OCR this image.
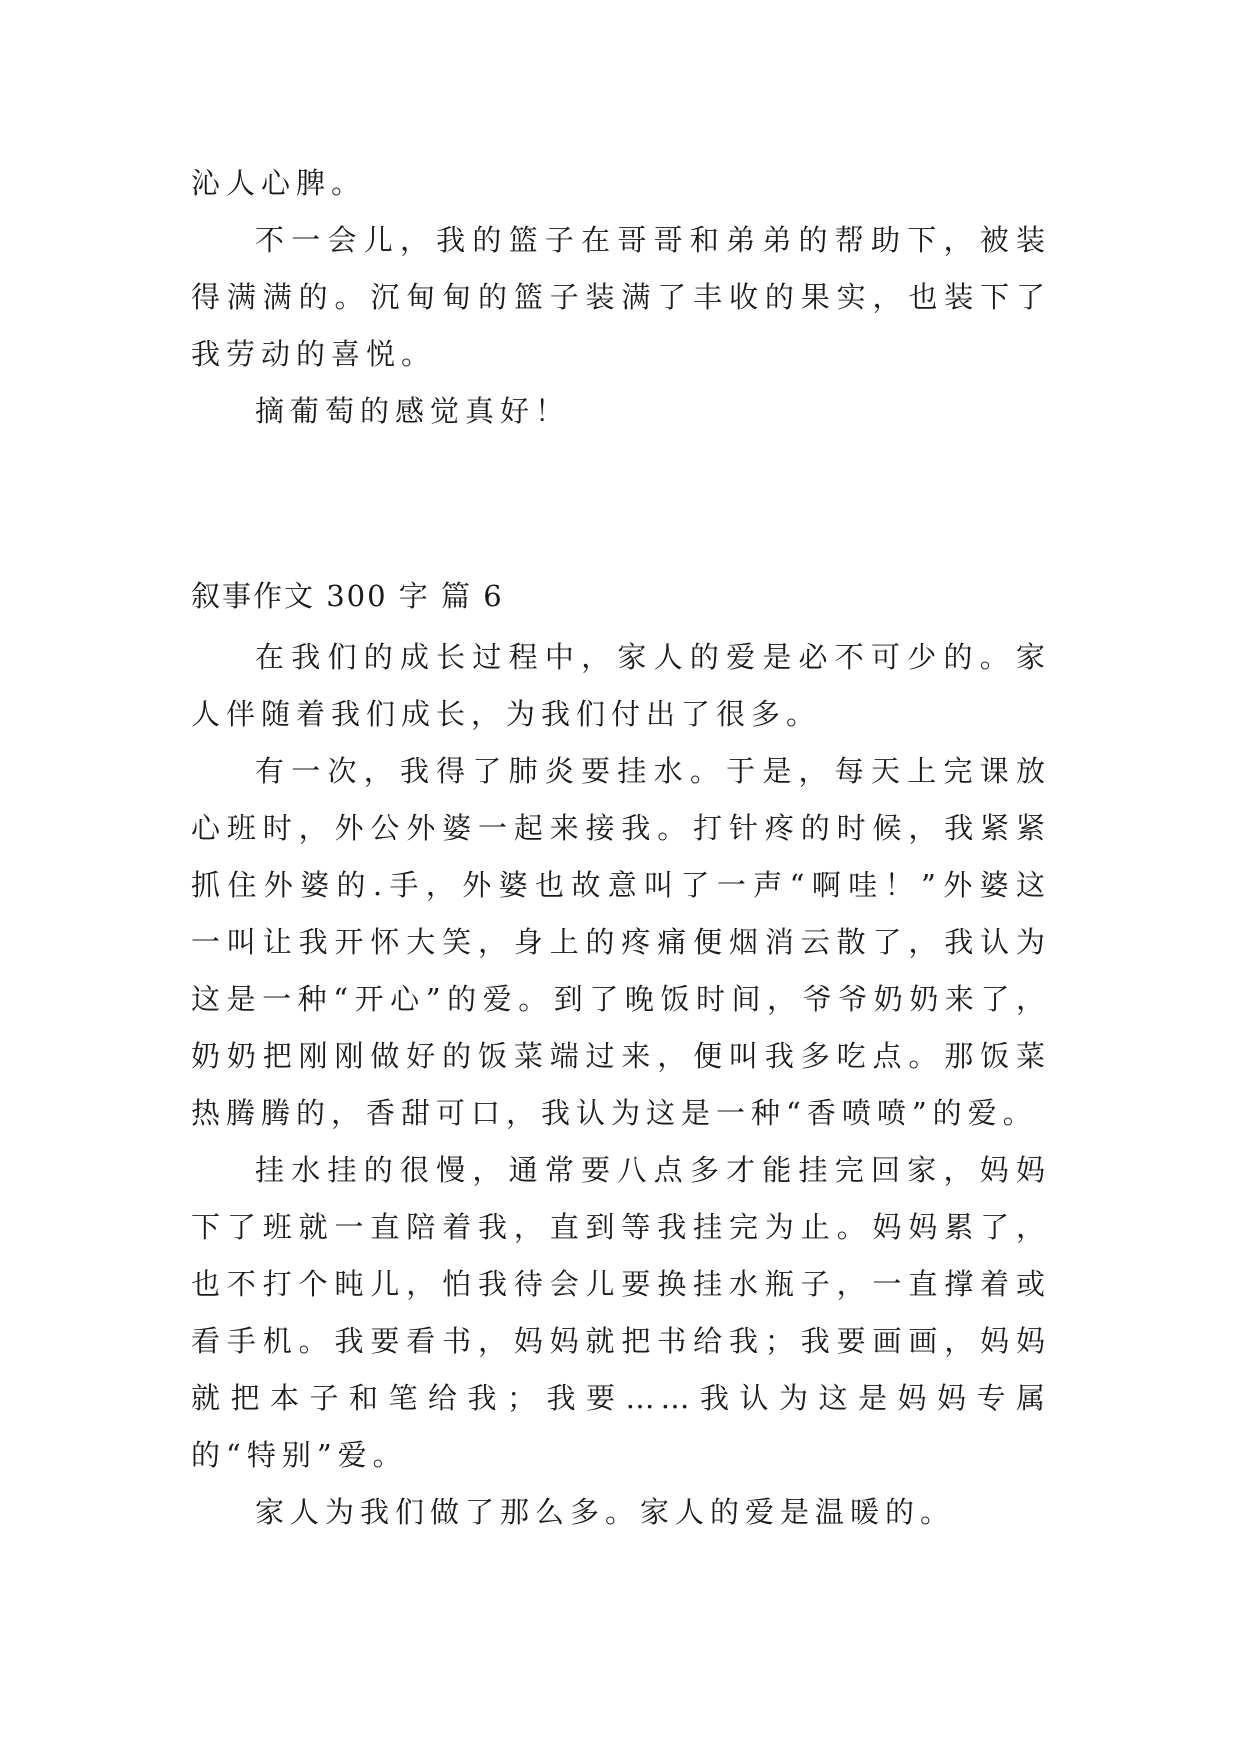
沁人心脾。

不一会儿，我的篮子在哥哥和弟弟的帮助下，被装得满满的。沉甸甸的篮子装满了丰收的果实，也装下了我劳动的喜悦。

摘葡萄的感觉真好！

叙事作文 300 字 篇 6

在我们的成长过程中，家人的爱是必不可少的。家人伴随着我们成长，为我们付出了很多。

有一次，我得了肺炎要挂水。于是，每天上完课放心班时，外公外婆一起来接我。打针疼的时候，我紧紧抓住外婆的.手，外婆也故意叫了一声“啊哇！”外婆这一叫让我开怀大笑，身上的疼痛便烟消云散了，我认为这是一种“开心”的爱。到了晚饭时间，爷爷奶奶来了，奶奶把刚刚做好的饭菜端过来，便叫我多吃点。那饭菜热腾腾的，香甜可口，我认为这是一种“香喷喷”的爱。

挂水挂的很慢，通常要八点多才能挂完回家，妈妈下了班就一直陪着我，直到等我挂完为止。妈妈累了，也不打个盹儿，怕我待会儿要换挂水瓶子，一直撑着或看手机。我要看书，妈妈就把书给我；我要画画，妈妈就把本子和笔给我；我要……我认为这是妈妈专属的“特别”爱。

家人为我们做了那么多。家人的爱是温暖的。
